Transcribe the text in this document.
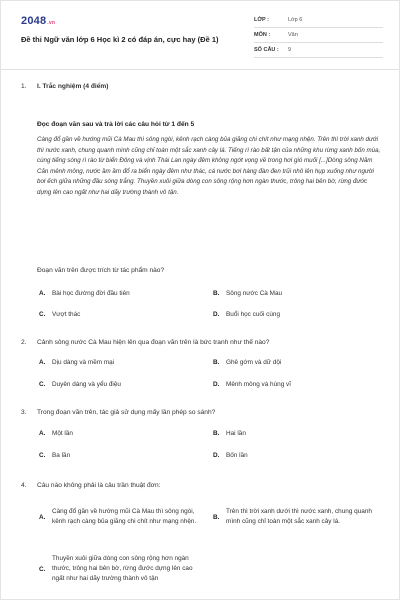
2048.vn
Đề thi Ngữ văn lớp 6 Học kì 2 có đáp án, cực hay (Đề 1)
LỚP :	Lớp 6
MÔN :	Văn
SỐ CÂU :	9
1.	I. Trắc nghiệm (4 điểm)
Đọc đoạn văn sau và trả lời các câu hỏi từ 1 đến 5
Càng đổ gần về hướng mũi Cà Mau thì sông ngòi, kênh rạch càng bủa giăng chi chít như mạng nhện. Trên thì trời xanh dưới thì nước xanh, chung quanh mình cũng chỉ toàn một sắc xanh cây lá. Tiếng rì rào bất tận của những khu rừng xanh bốn mùa, cùng tiếng sóng rì rào từ biển Đông và vịnh Thái Lan ngày đêm không ngớt vọng về trong hơi gió muối [...]Dòng sông Năm Căn mênh mông, nước ầm ầm đổ ra biển ngày đêm như thác, cá nước bơi hàng đàn đen trũi nhô lên hụp xuống như người bơi ếch giữa những đầu sóng trắng. Thuyền xuôi giữa dòng con sông rộng hơn ngàn thước, trông hai bên bờ, rừng đước dựng lên cao ngất như hai dãy trường thành vô tận.
Đoạn văn trên được trích từ tác phẩm nào?
A.	Bài học đường đời đầu tiên	B.	Sông nước Cà Mau
C.	Vượt thác	D.	Buổi học cuối cùng
2.	Cảnh sông nước Cà Mau hiện lên qua đoạn văn trên là bức tranh như thế nào?
A.	Dịu dàng và mềm mại	B.	Ghê gớm và dữ dội
C.	Duyên dáng và yểu điệu	D.	Mênh mông và hùng vĩ
3.	Trong đoạn văn trên, tác giả sử dụng mấy lần phép so sánh?
A.	Một lần	B.	Hai lần
C.	Ba lần	D.	Bốn lần
4.	Câu nào không phải là câu trần thuật đơn:
A.
Càng đổ gần về hướng mũi Cà Mau thì sông ngòi, kênh rạch càng bủa giăng chi chít như mạng nhện.
B.
Trên thì trời xanh dưới thì nước xanh, chung quanh mình cũng chỉ toàn một sắc xanh cây lá.
C.
Thuyền xuôi giữa dòng con sông rộng hơn ngàn thước, trông hai bên bờ, rừng đước dựng lên cao ngất như hai dãy trường thành vô tận
